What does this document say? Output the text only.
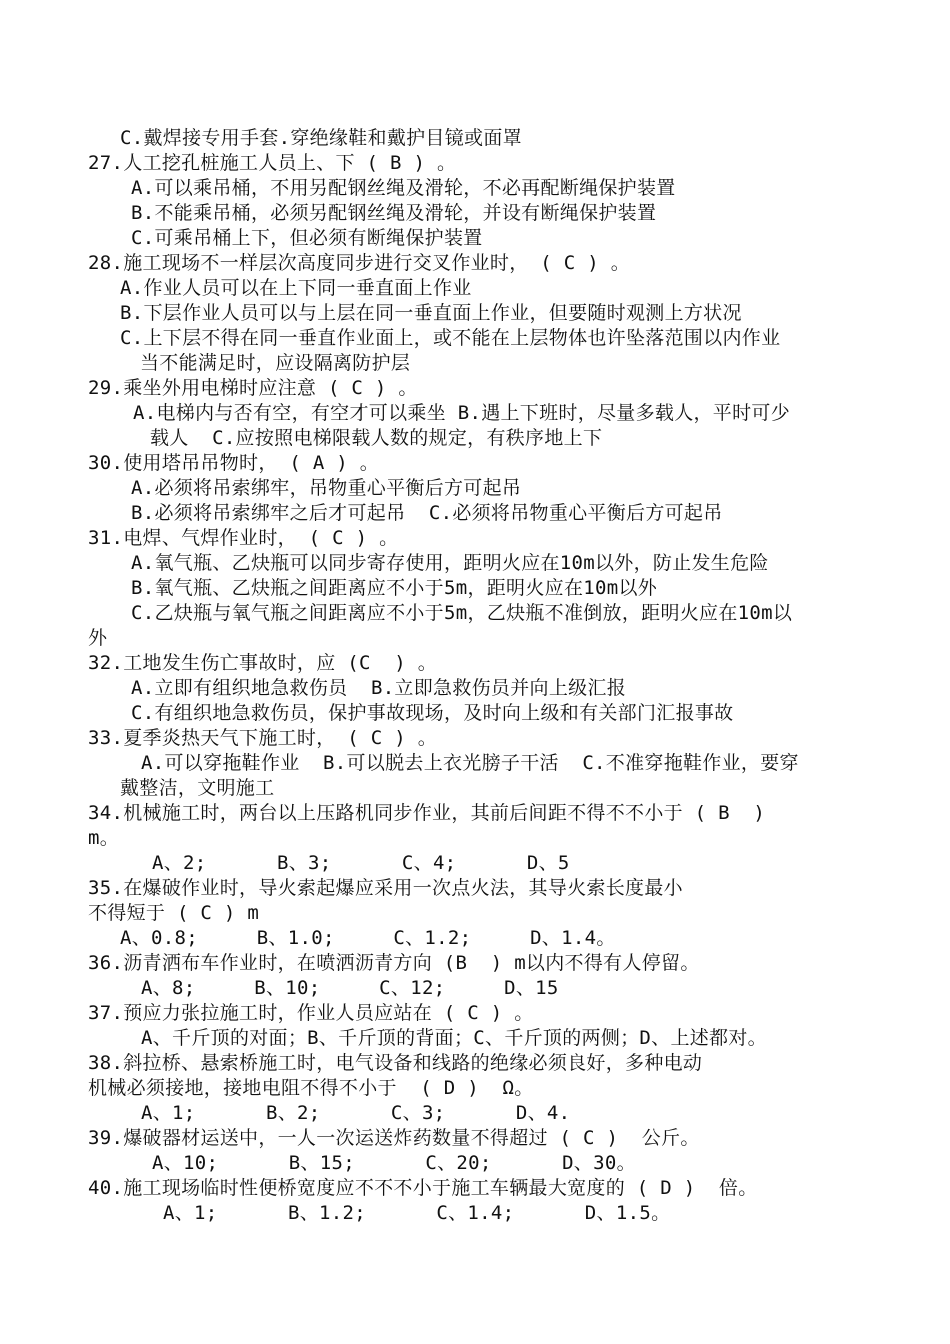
C.戴焊接专用手套.穿绝缘鞋和戴护目镜或面罩
27.人工挖孔桩施工人员上、下 ( B ) 。
A.可以乘吊桶，不用另配钢丝绳及滑轮，不必再配断绳保护装置
B.不能乘吊桶，必须另配钢丝绳及滑轮，并设有断绳保护装置
C.可乘吊桶上下，但必须有断绳保护装置
28.施工现场不一样层次高度同步进行交叉作业时， ( C ) 。
A.作业人员可以在上下同一垂直面上作业
B.下层作业人员可以与上层在同一垂直面上作业，但要随时观测上方状况
C.上下层不得在同一垂直作业面上，或不能在上层物体也许坠落范围以内作业
当不能满足时，应设隔离防护层
29.乘坐外用电梯时应注意 ( C ) 。
A.电梯内与否有空，有空才可以乘坐 B.遇上下班时，尽量多载人，平时可少
载人  C.应按照电梯限载人数的规定，有秩序地上下
30.使用塔吊吊物时， ( A ) 。
A.必须将吊索绑牢，吊物重心平衡后方可起吊
B.必须将吊索绑牢之后才可起吊  C.必须将吊物重心平衡后方可起吊
31.电焊、气焊作业时， ( C ) 。
A.氧气瓶、乙炔瓶可以同步寄存使用，距明火应在10m以外，防止发生危险
B.氧气瓶、乙炔瓶之间距离应不小于5m，距明火应在10m以外
C.乙炔瓶与氧气瓶之间距离应不小于5m，乙炔瓶不准倒放，距明火应在10m以
外
32.工地发生伤亡事故时，应 (C  ) 。
A.立即有组织地急救伤员  B.立即急救伤员并向上级汇报
C.有组织地急救伤员，保护事故现场，及时向上级和有关部门汇报事故
33.夏季炎热天气下施工时， ( C ) 。
A.可以穿拖鞋作业  B.可以脱去上衣光膀子干活  C.不准穿拖鞋作业，要穿
戴整洁，文明施工
34.机械施工时，两台以上压路机同步作业，其前后间距不得不不小于 ( B  )
m。
A、2;      B、3;      C、4;      D、5
35.在爆破作业时，导火索起爆应采用一次点火法，其导火索长度最小
不得短于 ( C ) m
A、0.8;     B、1.0;     C、1.2;     D、1.4。
36.沥青洒布车作业时，在喷洒沥青方向 (B  ) m以内不得有人停留。
A、8;     B、10;     C、12;     D、15
37.预应力张拉施工时，作业人员应站在 ( C ) 。
A、千斤顶的对面；B、千斤顶的背面；C、千斤顶的两侧；D、上述都对。
38.斜拉桥、悬索桥施工时，电气设备和线路的绝缘必须良好，多种电动
机械必须接地，接地电阻不得不小于  ( D )  Ω。
A、1;      B、2;      C、3;      D、4.
39.爆破器材运送中，一人一次运送炸药数量不得超过 ( C )  公斤。
A、10;      B、15;      C、20;      D、30。
40.施工现场临时性便桥宽度应不不不小于施工车辆最大宽度的 ( D )  倍。
A、1;      B、1.2;      C、1.4;      D、1.5。
